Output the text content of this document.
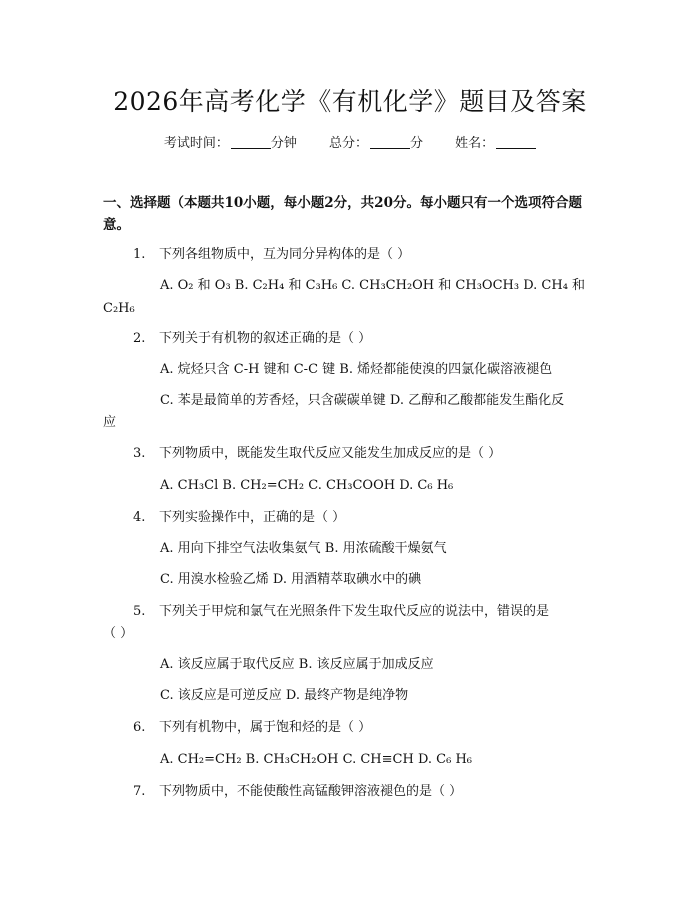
2026年高考化学《有机化学》题目及答案
考试时间：	分钟 总分：	分 姓名：
一、选择题（本题共10小题，每小题2分，共20分。每小题只有一个选项符合题意。
1. 下列各组物质中，互为同分异构体的是（ ）
A. O₂ 和 O₃ B. C₂H₄ 和 C₃H₆ C. CH₃CH₂OH 和 CH₃OCH₃ D. CH₄ 和
C₂H₆
2. 下列关于有机物的叙述正确的是（ ）
A. 烷烃只含 C-H 键和 C-C 键 B. 烯烃都能使溴的四氯化碳溶液褪色
C. 苯是最简单的芳香烃，只含碳碳单键 D. 乙醇和乙酸都能发生酯化反
应
3. 下列物质中，既能发生取代反应又能发生加成反应的是（ ）
A. CH₃Cl B. CH₂=CH₂ C. CH₃COOH D. C₆ H₆
4. 下列实验操作中，正确的是（ ）
A. 用向下排空气法收集氨气 B. 用浓硫酸干燥氨气
C. 用溴水检验乙烯 D. 用酒精萃取碘水中的碘
5. 下列关于甲烷和氯气在光照条件下发生取代反应的说法中，错误的是
（ ）
A. 该反应属于取代反应 B. 该反应属于加成反应
C. 该反应是可逆反应 D. 最终产物是纯净物
6. 下列有机物中，属于饱和烃的是（ ）
A. CH₂=CH₂ B. CH₃CH₂OH C. CH≡CH D. C₆ H₆
7. 下列物质中，不能使酸性高锰酸钾溶液褪色的是（ ）
